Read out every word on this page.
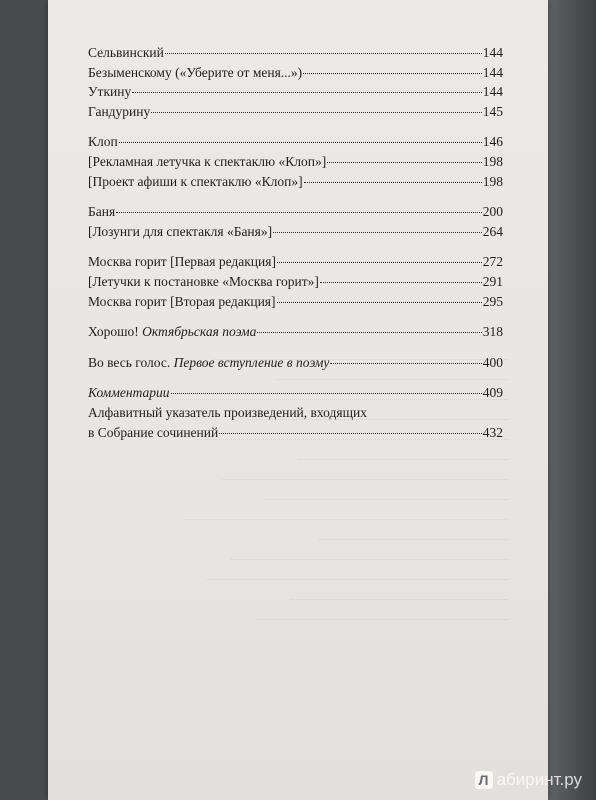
Сельвинский	144
Безыменскому («Уберите от меня...»)	144
Уткину	144
Гандурину	145
Клоп	146
[Рекламная летучка к спектаклю «Клоп»]	198
[Проект афиши к спектаклю «Клоп»]	198
Баня	200
[Лозунги для спектакля «Баня»]	264
Москва горит [Первая редакция]	272
[Летучки к постановке «Москва горит»]	291
Москва горит [Вторая редакция]	295
Хорошо! Октябрьская поэма	318
Во весь голос. Первое вступление в поэму	400
Комментарии	409
Алфавитный указатель произведений, входящих
в Собрание сочинений	432
Л абиринт.ру
